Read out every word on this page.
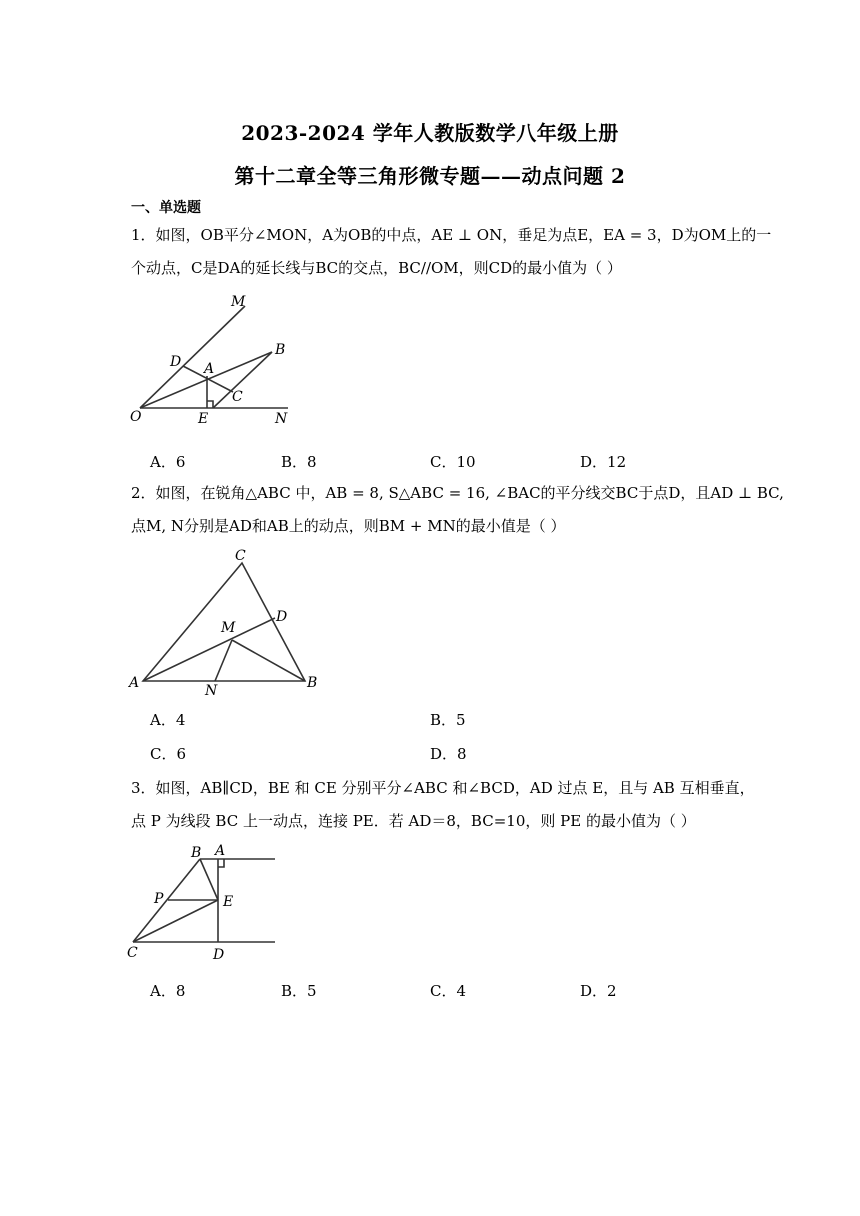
2023-2024 学年人教版数学八年级上册
第十二章全等三角形微专题——动点问题 2
一、单选题
1．如图，OB平分∠MON，A为OB的中点，AE ⊥ ON，垂足为点E，EA = 3，D为OM上的一
个动点，C是DA的延长线与BC的交点，BC//OM，则CD的最小值为（ ）
M
B
D A
C
O	E	N
A．6	B．8	C．10	D．12
2．如图，在锐角△ABC 中，AB = 8, S△ABC = 16, ∠BAC的平分线交BC于点D，且AD ⊥ BC,
点M, N分别是AD和AB上的动点，则BM + MN的最小值是（ ）
C
D
M
A	N	B
A．4	B．5
C．6	D．8
3．如图，AB∥CD，BE 和 CE 分别平分∠ABC 和∠BCD，AD 过点 E，且与 AB 互相垂直，
点 P 为线段 BC 上一动点，连接 PE．若 AD＝8，BC=10，则 PE 的最小值为（ ）
B A
P	E
C	D
A．8	B．5	C．4	D．2
